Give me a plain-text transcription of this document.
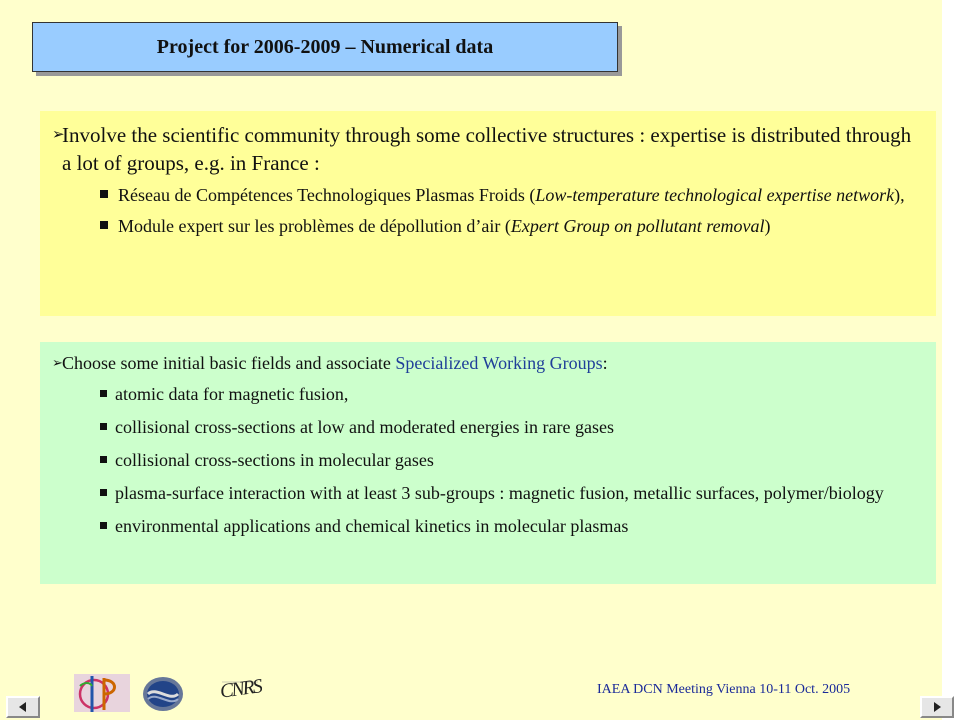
Project for 2006-2009 – Numerical data
➢
Involve the scientific community through some collective structures : expertise is distributed through a lot of groups, e.g. in France :
Réseau de Compétences Technologiques Plasmas Froids (Low-temperature technological expertise network),
Module expert sur les problèmes de dépollution d’air (Expert Group on pollutant removal)
➢ Choose some initial basic fields and associate Specialized Working Groups:
atomic data for magnetic fusion,
collisional cross-sections at low and moderated energies in rare gases
collisional cross-sections in molecular gases
plasma-surface interaction with at least 3 sub-groups : magnetic fusion, metallic surfaces, polymer/biology
environmental applications and chemical kinetics in molecular plasmas
CNRS	IAEA DCN Meeting Vienna 10-11 Oct. 2005
